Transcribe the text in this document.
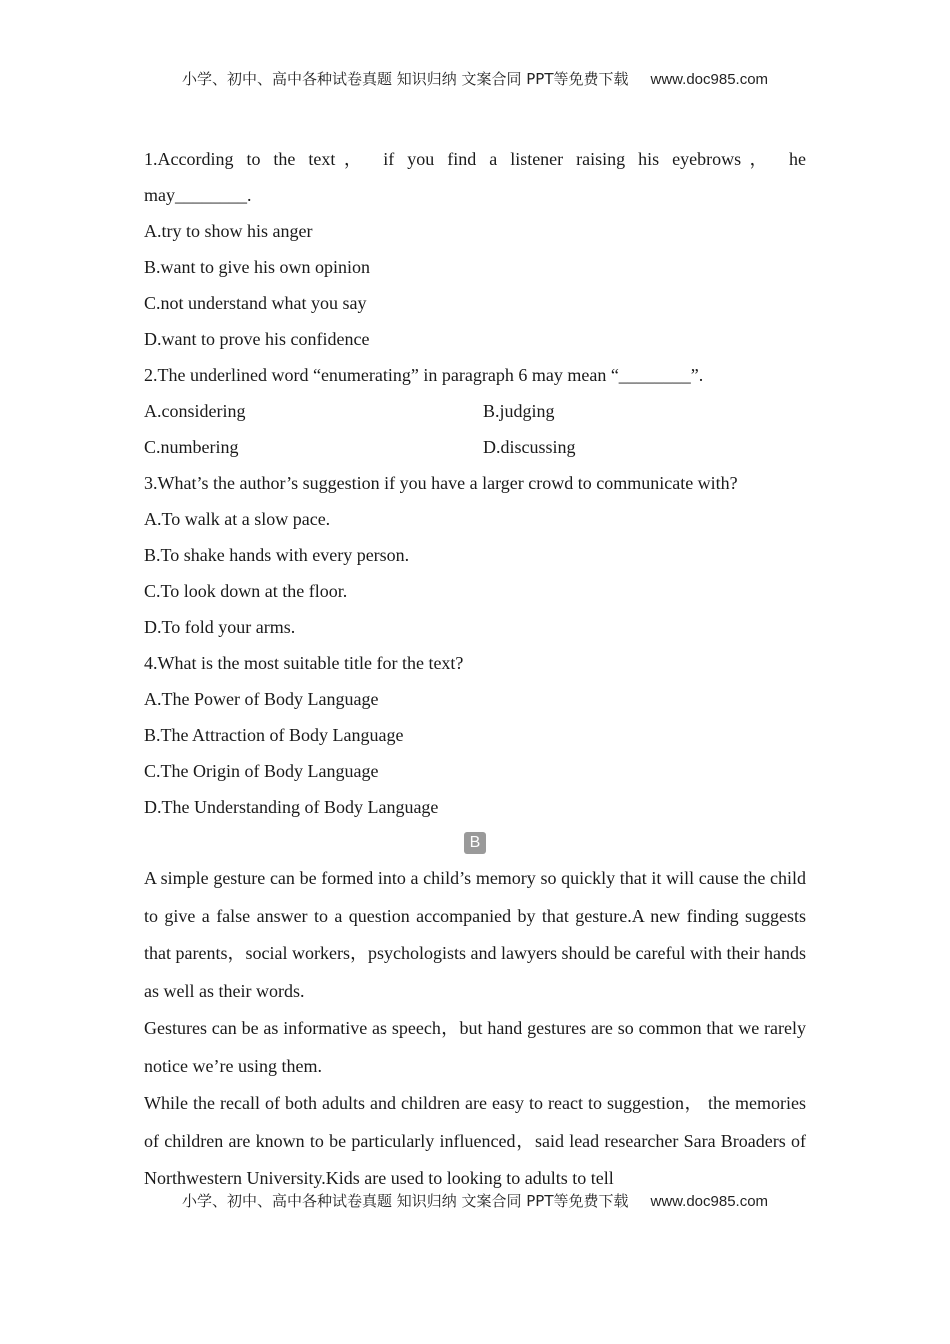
小学、初中、高中各种试卷真题 知识归纳 文案合同 PPT等免费下载 www.doc985.com
1.According to the text， if you find a listener raising his eyebrows， he
may________.
A.try to show his anger
B.want to give his own opinion
C.not understand what you say
D.want to prove his confidence
2.The underlined word “enumerating” in paragraph 6 may mean “________”.
A.considering	B.judging
C.numbering	D.discussing
3.What’s the author’s suggestion if you have a larger crowd to communicate with?
A.To walk at a slow pace.
B.To shake hands with every person.
C.To look down at the floor.
D.To fold your arms.
4.What is the most suitable title for the text?
A.The Power of Body Language
B.The Attraction of Body Language
C.The Origin of Body Language
D.The Understanding of Body Language
B
A simple gesture can be formed into a child’s memory so quickly that it will cause the child to give a false answer to a question accompanied by that gesture.A new finding suggests that parents，social workers，psychologists and lawyers should be careful with their hands as well as their words.
Gestures can be as informative as speech，but hand gestures are so common that we rarely notice we’re using them.
While the recall of both adults and children are easy to react to suggestion， the memories of children are known to be particularly influenced，said lead researcher Sara Broaders of Northwestern University.Kids are used to looking to adults to tell
小学、初中、高中各种试卷真题 知识归纳 文案合同 PPT等免费下载 www.doc985.com
